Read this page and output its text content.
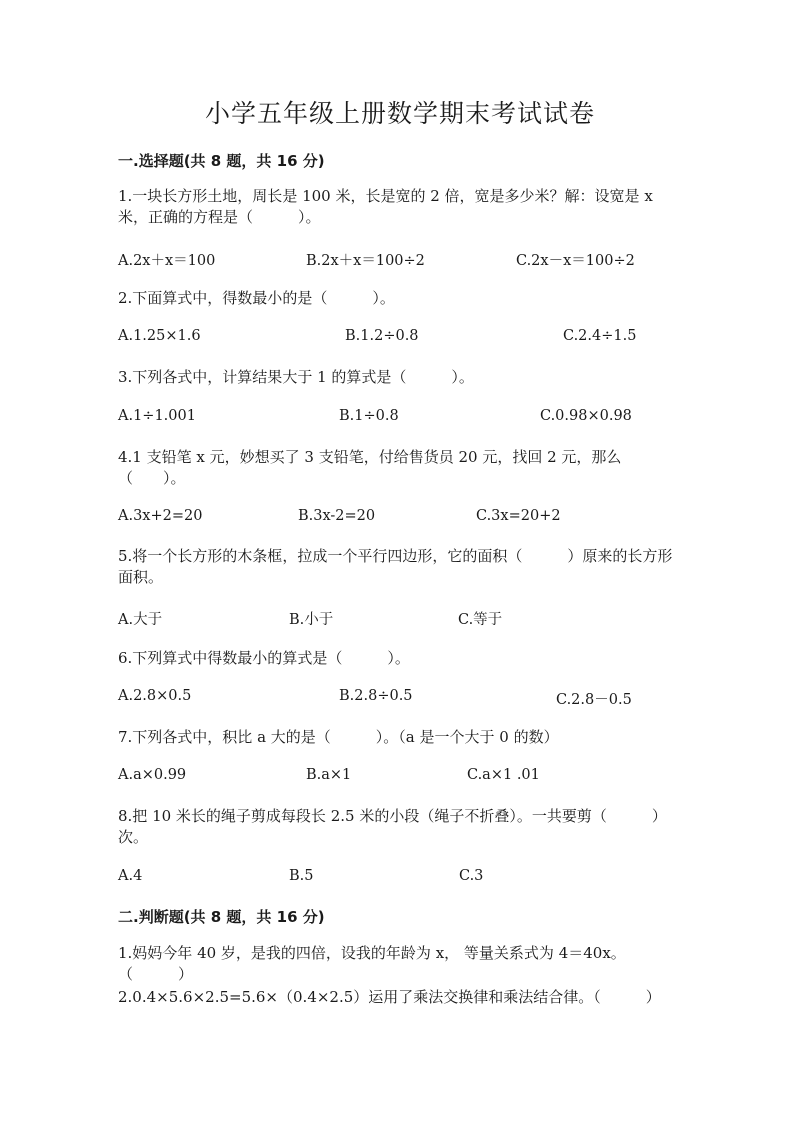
小学五年级上册数学期末考试试卷
一.选择题(共 8 题，共 16 分)
1.一块长方形土地，周长是 100 米，长是宽的 2 倍，宽是多少米？解：设宽是 x 米，正确的方程是（　　　）。
A.2x＋x＝100	B.2x＋x＝100÷2	C.2x－x＝100÷2
2.下面算式中，得数最小的是（　　　）。
A.1.25×1.6	B.1.2÷0.8	C.2.4÷1.5
3.下列各式中，计算结果大于 1 的算式是（　　　）。
A.1÷1.001	B.1÷0.8	C.0.98×0.98
4.1 支铅笔 x 元，妙想买了 3 支铅笔，付给售货员 20 元，找回 2 元，那么（　　）。
A.3x+2=20	B.3x-2=20	C.3x=20+2
5.将一个长方形的木条框，拉成一个平行四边形，它的面积（　　　）原来的长方形面积。
A.大于	B.小于	C.等于
6.下列算式中得数最小的算式是（　　　）。
A.2.8×0.5	B.2.8÷0.5	C.2.8－0.5
7.下列各式中，积比 a 大的是（　　　）。（a 是一个大于 0 的数）
A.a×0.99	B.a×1	C.a×1 .01
8.把 10 米长的绳子剪成每段长 2.5 米的小段（绳子不折叠）。一共要剪（　　　）次。
A.4	B.5	C.3
二.判断题(共 8 题，共 16 分)
1.妈妈今年 40 岁，是我的四倍，设我的年龄为 x， 等量关系式为 4＝40x。（　　　）
2.0.4×5.6×2.5=5.6×（0.4×2.5）运用了乘法交换律和乘法结合律。（　　　）
